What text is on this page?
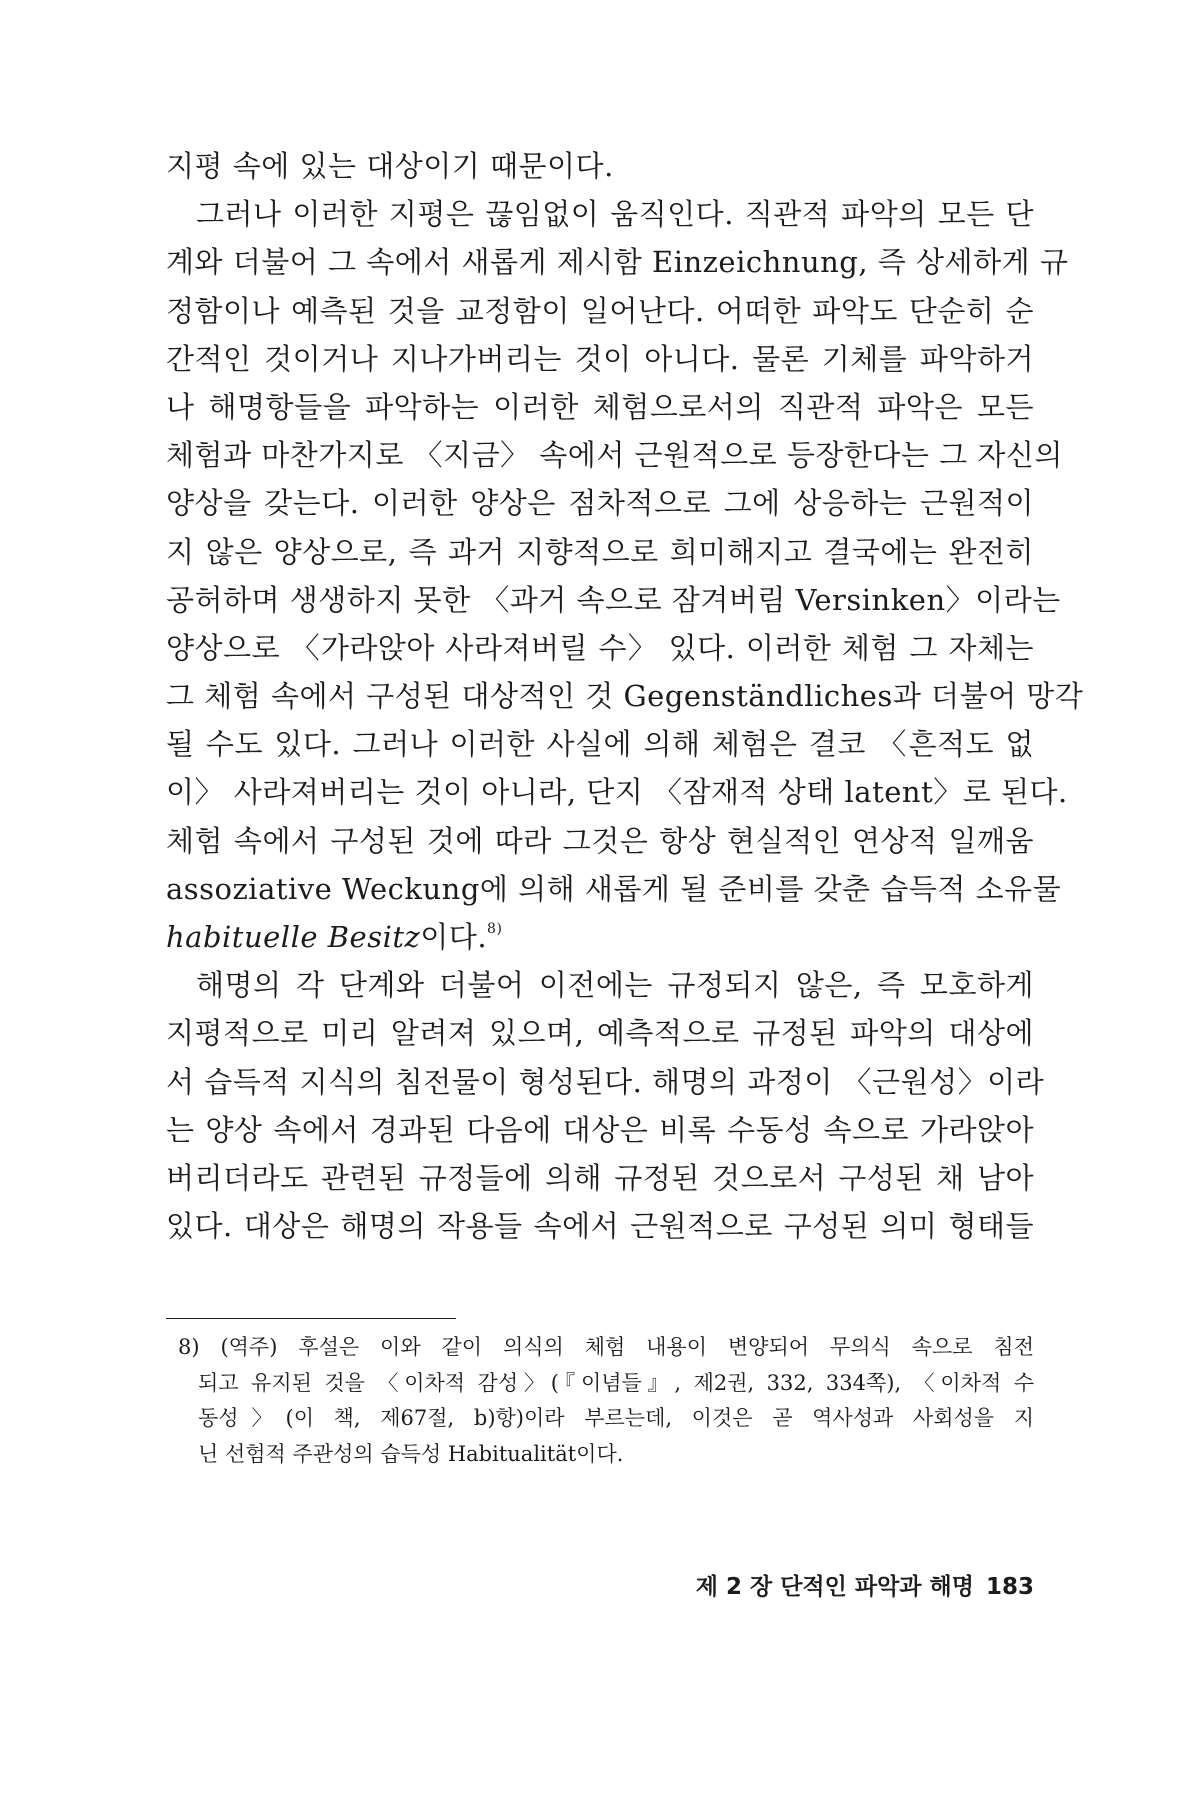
지평 속에 있는 대상이기 때문이다.
그러나 이러한 지평은 끊임없이 움직인다. 직관적 파악의 모든 단
계와 더불어 그 속에서 새롭게 제시함 Einzeichnung, 즉 상세하게 규
정함이나 예측된 것을 교정함이 일어난다. 어떠한 파악도 단순히 순
간적인 것이거나 지나가버리는 것이 아니다. 물론 기체를 파악하거
나 해명항들을 파악하는 이러한 체험으로서의 직관적 파악은 모든
체험과 마찬가지로 〈지금〉 속에서 근원적으로 등장한다는 그 자신의
양상을 갖는다. 이러한 양상은 점차적으로 그에 상응하는 근원적이
지 않은 양상으로, 즉 과거 지향적으로 희미해지고 결국에는 완전히
공허하며 생생하지 못한 〈과거 속으로 잠겨버림 Versinken〉이라는
양상으로 〈가라앉아 사라져버릴 수〉 있다. 이러한 체험 그 자체는
그 체험 속에서 구성된 대상적인 것 Gegenständliches과 더불어 망각
될 수도 있다. 그러나 이러한 사실에 의해 체험은 결코 〈흔적도 없
이〉 사라져버리는 것이 아니라, 단지 〈잠재적 상태 latent〉로 된다.
체험 속에서 구성된 것에 따라 그것은 항상 현실적인 연상적 일깨움
assoziative Weckung에 의해 새롭게 될 준비를 갖춘 습득적 소유물
habituelle Besitz이다.$^{8)}$
해명의 각 단계와 더불어 이전에는 규정되지 않은, 즉 모호하게
지평적으로 미리 알려져 있으며, 예측적으로 규정된 파악의 대상에
서 습득적 지식의 침전물이 형성된다. 해명의 과정이 〈근원성〉이라
는 양상 속에서 경과된 다음에 대상은 비록 수동성 속으로 가라앉아
버리더라도 관련된 규정들에 의해 규정된 것으로서 구성된 채 남아
있다. 대상은 해명의 작용들 속에서 근원적으로 구성된 의미 형태들
8) (역주) 후설은 이와 같이 의식의 체험 내용이 변양되어 무의식 속으로 침전
되고 유지된 것을 〈이차적 감성〉(『이념들』, 제2권, 332, 334쪽), 〈이차적 수
동성〉(이 책, 제67절, b)항)이라 부르는데, 이것은 곧 역사성과 사회성을 지
닌 선험적 주관성의 습득성 Habitualität이다.
제 2 장 단적인 파악과 해명 183
